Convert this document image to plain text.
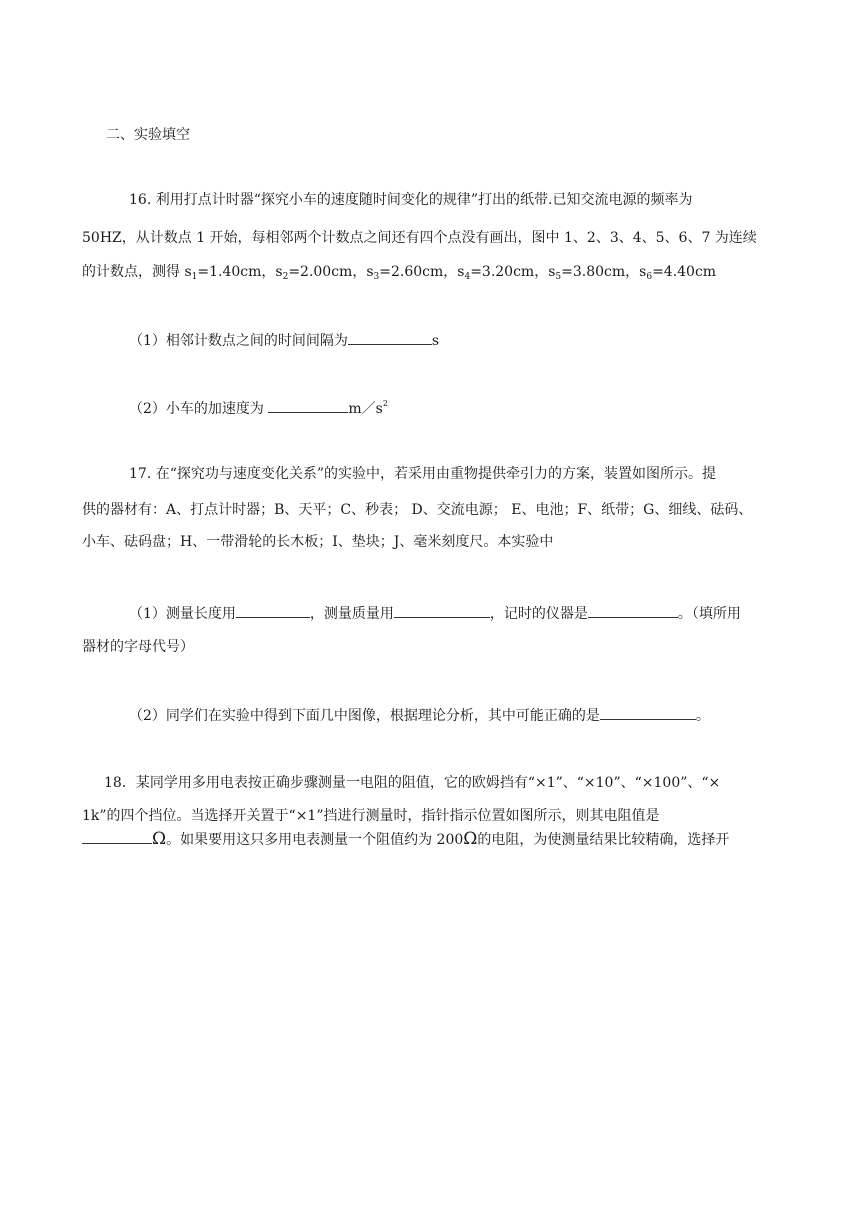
二、实验填空
16. 利用打点计时器“探究小车的速度随时间变化的规律”打出的纸带.已知交流电源的频率为
50HZ，从计数点 1 开始，每相邻两个计数点之间还有四个点没有画出，图中 1、2、3、4、5、6、7 为连续
的计数点，测得 $s_1=1.40cm$，$s_2=2.00cm$，$s_3=2.60cm$，$s_4=3.20cm$，$s_5=3.80cm$，$s_6=4.40cm$
（1）相邻计数点之间的时间间隔为	s
（2）小车的加速度为	$m/s^2$
17. 在“探究功与速度变化关系”的实验中，若采用由重物提供牵引力的方案，装置如图所示。提
供的器材有：A、打点计时器；B、天平；C、秒表； D、交流电源； E、电池；F、纸带；G、细线、砝码、
小车、砝码盘；H、一带滑轮的长木板；I、垫块；J、毫米刻度尺。本实验中
（1）测量长度用	，测量质量用	，记时的仪器是	。（填所用
器材的字母代号）
（2）同学们在实验中得到下面几中图像，根据理论分析，其中可能正确的是	。
18．某同学用多用电表按正确步骤测量一电阻的阻值，它的欧姆挡有“×1”、“×10”、“×100”、“×
1k”的四个挡位。当选择开关置于“×1”挡进行测量时，指针指示位置如图所示，则其电阻值是
Ω。如果要用这只多用电表测量一个阻值约为 200Ω的电阻，为使测量结果比较精确，选择开
